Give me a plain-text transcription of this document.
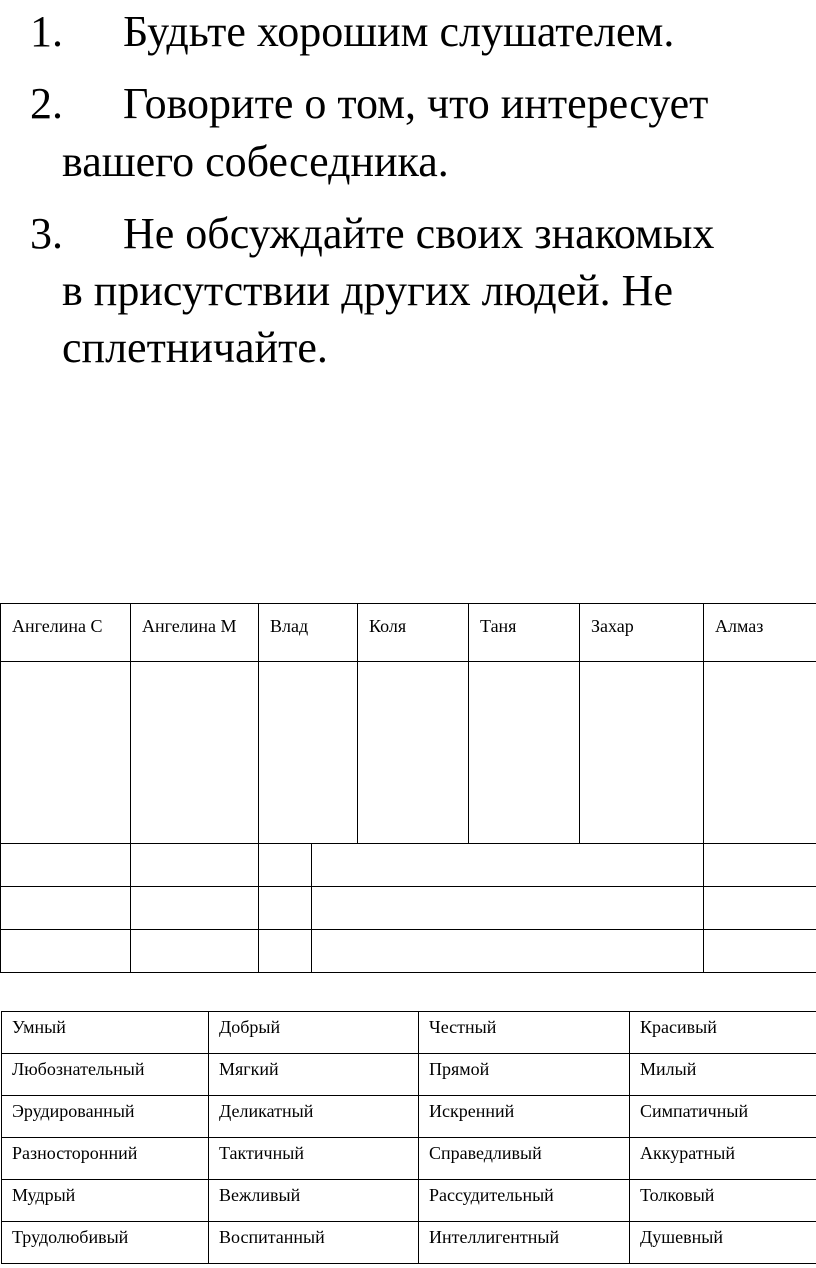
1. Будьте хорошим слушателем.
2. Говорите о том, что интересует
вашего собеседника.
3. Не обсуждайте своих знакомых
в присутствии других людей. Не
сплетничайте.
Ангелина С	Ангелина М	Влад		Коля	Таня	Захар	Алмаз

Умный	Добрый	Честный	Красивый
Любознательный	Мягкий	Прямой	Милый
Эрудированный	Деликатный	Искренний	Симпатичный
Разносторонний	Тактичный	Справедливый	Аккуратный
Мудрый	Вежливый	Рассудительный	Толковый
Трудолюбивый	Воспитанный	Интеллигентный	Душевный
